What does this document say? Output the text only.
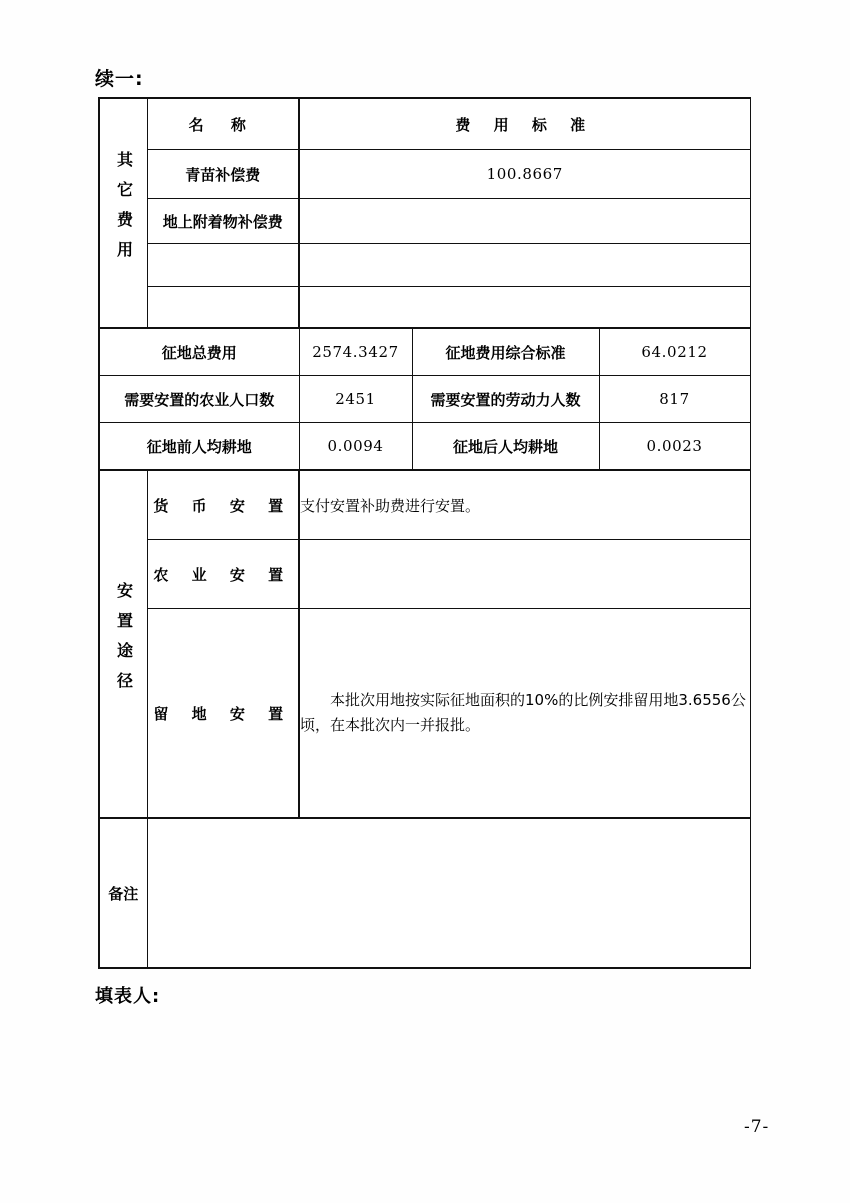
续一:
其它费用	名 称	费 用 标 准		
	青苗补偿费	100.8667		
	地上附着物补偿费			

征地总费用		2574.3427	征地费用综合标准	64.0212
需要安置的农业人口数		2451	需要安置的劳动力人数	817
征地前人均耕地		0.0094	征地后人均耕地	0.0023
安置途径	货 币 安 置	支付安置补助费进行安置。		
	农 业 安 置			
	留 地 安 置	本批次用地按实际征地面积的10%的比例安排留用地3.6556公顷，在本批次内一并报批。		
备注				
填表人:
-7-
